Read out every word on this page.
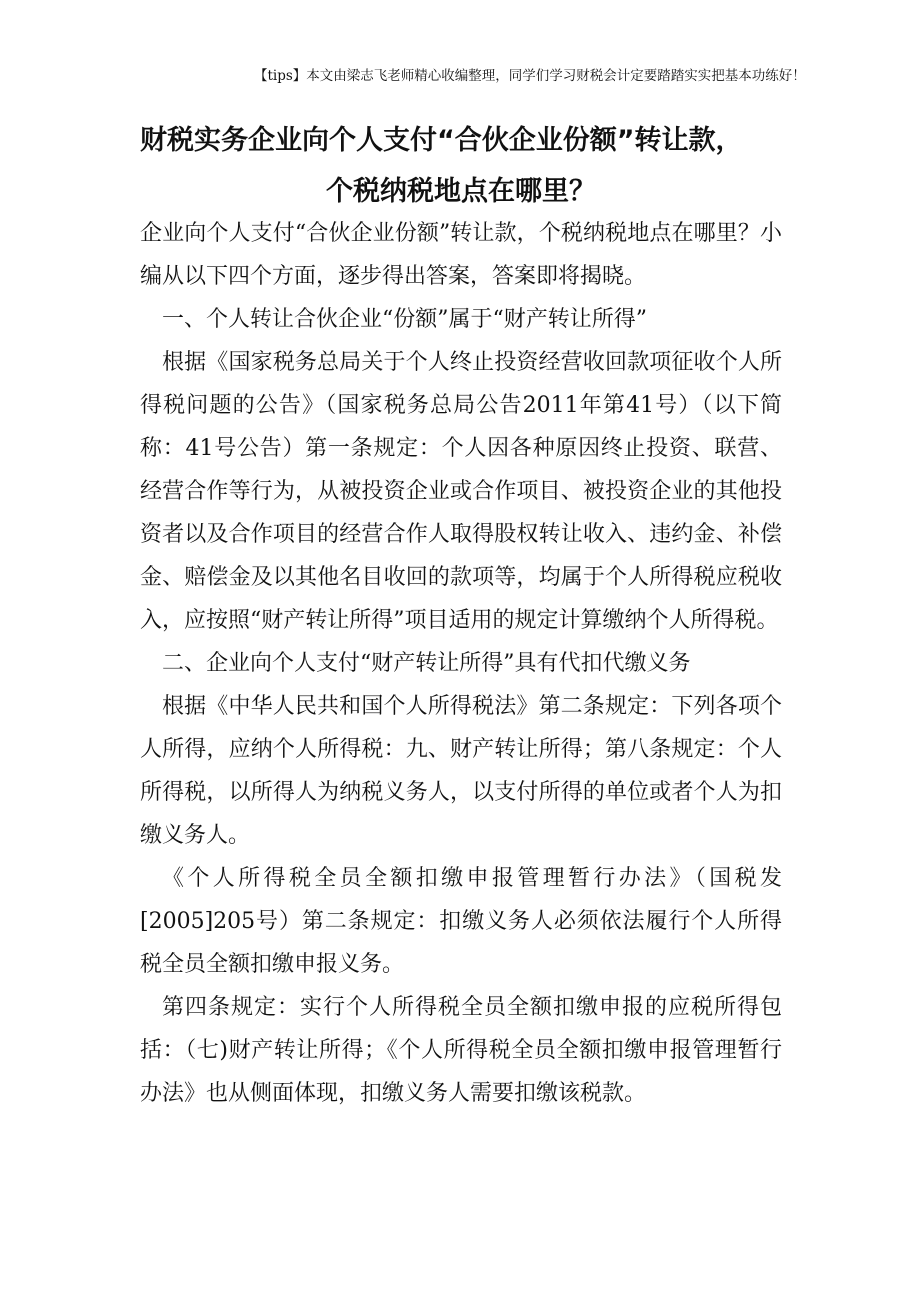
【tips】本文由梁志飞老师精心收编整理，同学们学习财税会计定要踏踏实实把基本功练好！
财税实务企业向个人支付“合伙企业份额”转让款，
个税纳税地点在哪里？

企业向个人支付“合伙企业份额”转让款，个税纳税地点在哪里？小编从以下四个方面，逐步得出答案，答案即将揭晓。

一、个人转让合伙企业“份额”属于“财产转让所得”

根据《国家税务总局关于个人终止投资经营收回款项征收个人所得税问题的公告》（国家税务总局公告2011年第41号）（以下简称：41号公告）第一条规定：个人因各种原因终止投资、联营、经营合作等行为，从被投资企业或合作项目、被投资企业的其他投资者以及合作项目的经营合作人取得股权转让收入、违约金、补偿金、赔偿金及以其他名目收回的款项等，均属于个人所得税应税收入，应按照“财产转让所得”项目适用的规定计算缴纳个人所得税。

二、企业向个人支付“财产转让所得”具有代扣代缴义务

根据《中华人民共和国个人所得税法》第二条规定：下列各项个人所得，应纳个人所得税：九、财产转让所得；第八条规定：个人所得税，以所得人为纳税义务人，以支付所得的单位或者个人为扣缴义务人。

《个人所得税全员全额扣缴申报管理暂行办法》（国税发[2005]205号）第二条规定：扣缴义务人必须依法履行个人所得税全员全额扣缴申报义务。

第四条规定：实行个人所得税全员全额扣缴申报的应税所得包括：（七)财产转让所得；《个人所得税全员全额扣缴申报管理暂行办法》也从侧面体现，扣缴义务人需要扣缴该税款。
